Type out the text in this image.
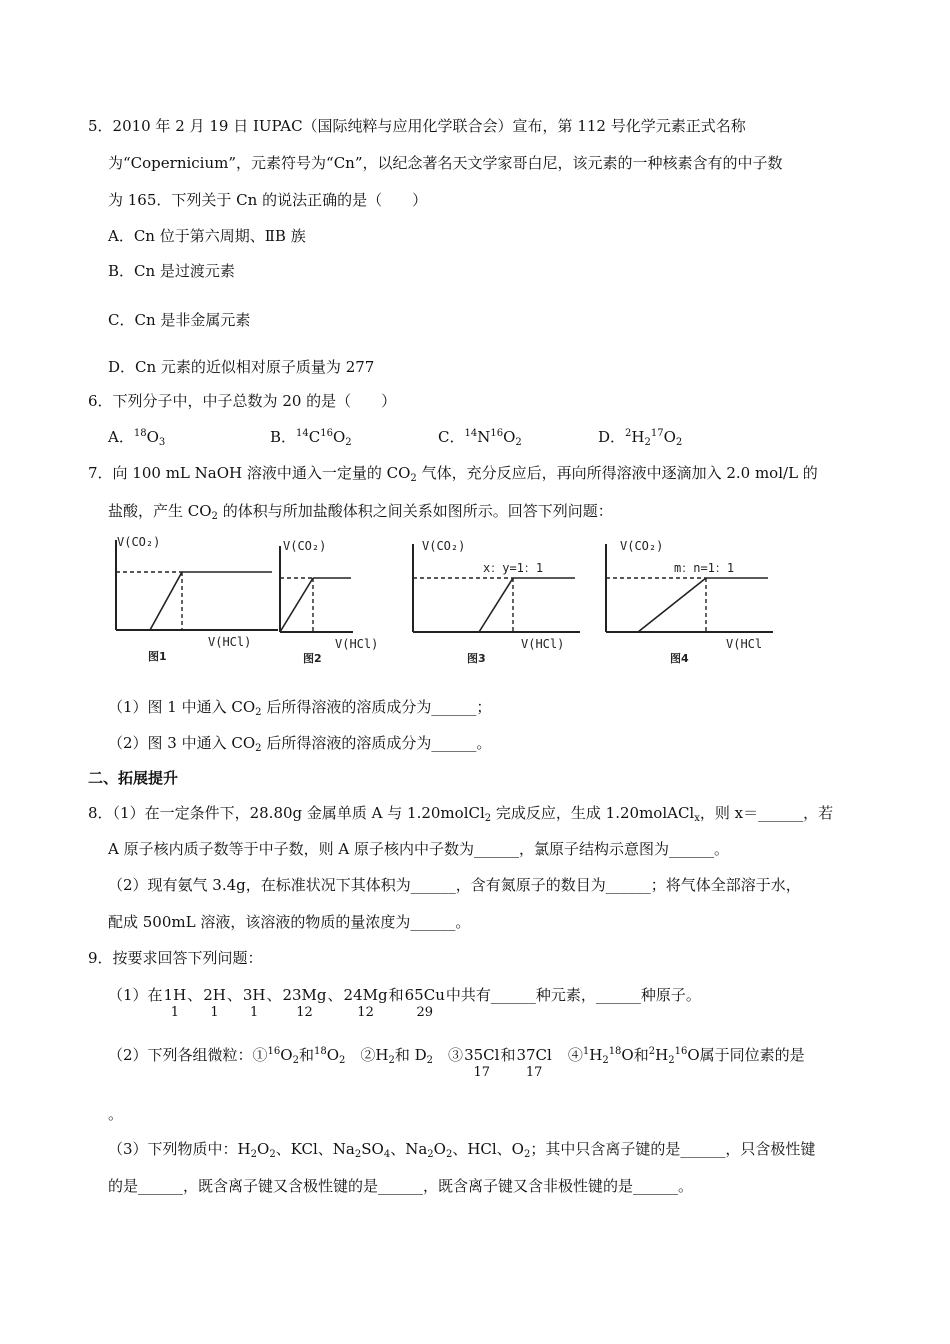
5．2010 年 2 月 19 日 IUPAC（国际纯粹与应用化学联合会）宣布，第 112 号化学元素正式名称
为“Copernicium”，元素符号为“Cn”，以纪念著名天文学家哥白尼，该元素的一种核素含有的中子数
为 165．下列关于 Cn 的说法正确的是（　　）
A．Cn 位于第六周期、ⅡB 族
B．Cn 是过渡元素
C．Cn 是非金属元素
D．Cn 元素的近似相对原子质量为 277
6．下列分子中，中子总数为 20 的是（　　）
A．$^{18}O_3$	B．$^{14}C^{16}O_2$	C．$^{14}N^{16}O_2$	D．$^2H_2^{17}O_2$
7．向 100 mL NaOH 溶液中通入一定量的 $CO_2$ 气体，充分反应后，再向所得溶液中逐滴加入 2.0 mol/L 的
盐酸，产生 $CO_2$ 的体积与所加盐酸体积之间关系如图所示。回答下列问题：
V(CO₂)
V(HCl)
图1
V(CO₂)
V(HCl)
图2
V(CO₂)
x：y=1：1
V(HCl)
图3
V(CO₂)
m：n=1：1
V(HCl
图4
（1）图 1 中通入 $CO_2$ 后所得溶液的溶质成分为______；
（2）图 3 中通入 $CO_2$ 后所得溶液的溶质成分为______。
二、拓展提升
8．（1）在一定条件下，28.80g 金属单质 A 与 1.20molCl$_2$ 完成反应，生成 1.20molACl$_x$，则 x＝______，若
A 原子核内质子数等于中子数，则 A 原子核内中子数为______，氯原子结构示意图为______。
（2）现有氨气 3.4g，在标准状况下其体积为______，含有氮原子的数目为______；将气体全部溶于水，
配成 500mL 溶液，该溶液的物质的量浓度为______。
9．按要求回答下列问题：
（1）在1H
1
、2H
1
、3H
1
、23Mg
12
、24Mg
12
和65Cu
29
中共有______种元素，______种原子。
（2）下列各组微粒：$①^{16}O_2$和$^{18}O_2$　$②H_2$和 $D_2$　③35Cl
17
和37Cl
17
　$④^1H_2^{18}O$和$^2H_2^{16}O$属于同位素的是
。
（3）下列物质中：$H_2O_2$、KCl、$Na_2SO_4$、$Na_2O_2$、HCl、$O_2$；其中只含离子键的是______，只含极性键
的是______，既含离子键又含极性键的是______，既含离子键又含非极性键的是______。
